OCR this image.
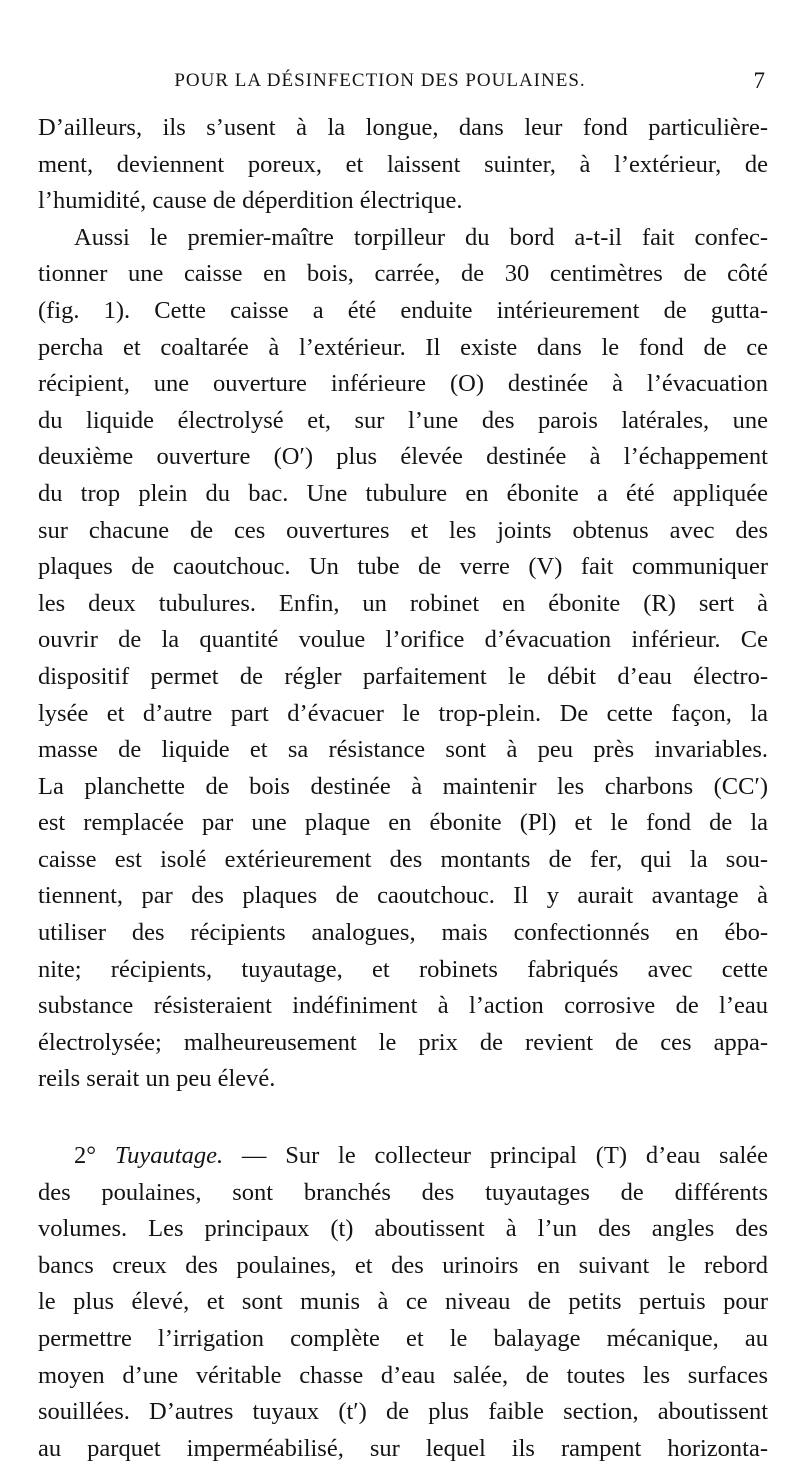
POUR LA DÉSINFECTION DES POULAINES.	7
D’ailleurs, ils s’usent à la longue, dans leur fond particulière-
ment, deviennent poreux, et laissent suinter, à l’extérieur, de
l’humidité, cause de déperdition électrique.
Aussi le premier-maître torpilleur du bord a-t-il fait confec-
tionner une caisse en bois, carrée, de 30 centimètres de côté
(fig. 1). Cette caisse a été enduite intérieurement de gutta-
percha et coaltarée à l’extérieur. Il existe dans le fond de ce
récipient, une ouverture inférieure (O) destinée à l’évacuation
du liquide électrolysé et, sur l’une des parois latérales, une
deuxième ouverture (O′) plus élevée destinée à l’échappement
du trop plein du bac. Une tubulure en ébonite a été appliquée
sur chacune de ces ouvertures et les joints obtenus avec des
plaques de caoutchouc. Un tube de verre (V) fait communiquer
les deux tubulures. Enfin, un robinet en ébonite (R) sert à
ouvrir de la quantité voulue l’orifice d’évacuation inférieur. Ce
dispositif permet de régler parfaitement le débit d’eau électro-
lysée et d’autre part d’évacuer le trop-plein. De cette façon, la
masse de liquide et sa résistance sont à peu près invariables.
La planchette de bois destinée à maintenir les charbons (CC′)
est remplacée par une plaque en ébonite (Pl) et le fond de la
caisse est isolé extérieurement des montants de fer, qui la sou-
tiennent, par des plaques de caoutchouc. Il y aurait avantage à
utiliser des récipients analogues, mais confectionnés en ébo-
nite; récipients, tuyautage, et robinets fabriqués avec cette
substance résisteraient indéfiniment à l’action corrosive de l’eau
électrolysée; malheureusement le prix de revient de ces appa-
reils serait un peu élevé.
2° Tuyautage. — Sur le collecteur principal (T) d’eau salée
des poulaines, sont branchés des tuyautages de différents
volumes. Les principaux (t) aboutissent à l’un des angles des
bancs creux des poulaines, et des urinoirs en suivant le rebord
le plus élevé, et sont munis à ce niveau de petits pertuis pour
permettre l’irrigation complète et le balayage mécanique, au
moyen d’une véritable chasse d’eau salée, de toutes les surfaces
souillées. D’autres tuyaux (t′) de plus faible section, aboutissent
au parquet imperméabilisé, sur lequel ils rampent horizonta-
